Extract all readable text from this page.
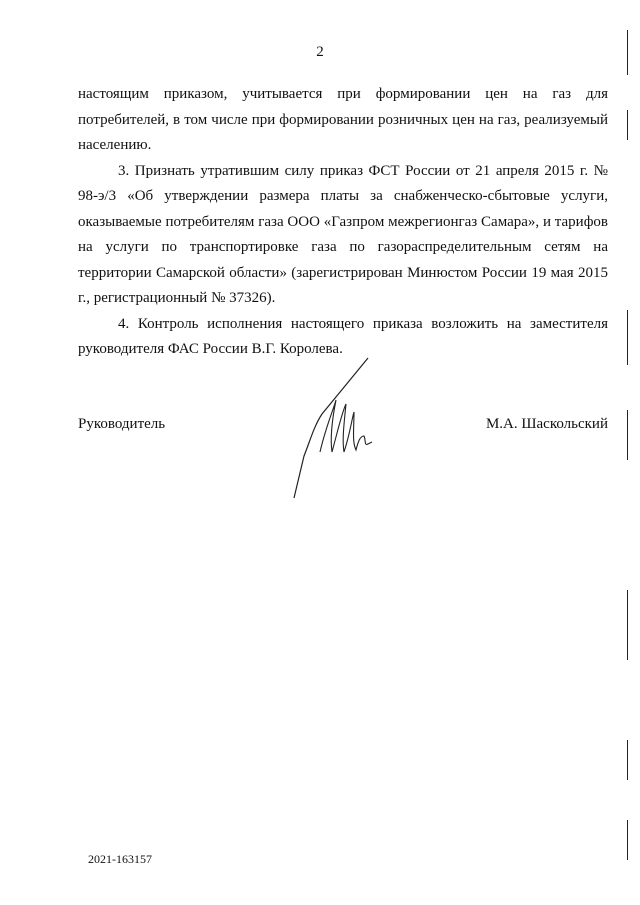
2

настоящим приказом, учитывается при формировании цен на газ для потребителей, в том числе при формировании розничных цен на газ, реализуемый населению.

3. Признать утратившим силу приказ ФСТ России от 21 апреля 2015 г. № 98-э/3 «Об утверждении размера платы за снабженческо-сбытовые услуги, оказываемые потребителям газа ООО «Газпром межрегионгаз Самара», и тарифов на услуги по транспортировке газа по газораспределительным сетям на территории Самарской области» (зарегистрирован Минюстом России 19 мая 2015 г., регистрационный № 37326).

4. Контроль исполнения настоящего приказа возложить на заместителя руководителя ФАС России В.Г. Королева.

Руководитель	М.А. Шаскольский
2021-163157
